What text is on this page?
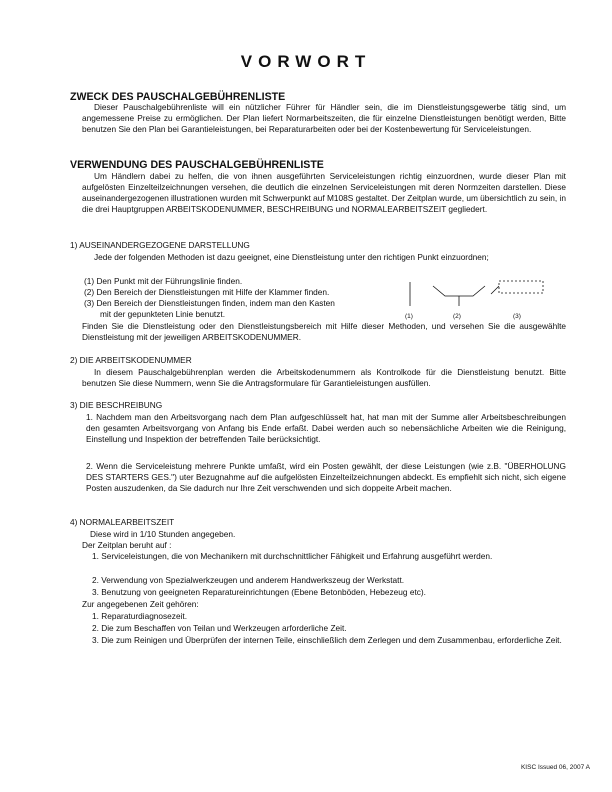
VORWORT
ZWECK DES PAUSCHALGEBÜHRENLISTE
Dieser Pauschalgebührenliste will ein nützlicher Führer für Händler sein, die im Dienstleistungsgewerbe tätig sind, um angemessene Preise zu ermöglichen. Der Plan liefert Normarbeitszeiten, die für einzelne Dienstleistungen benötigt werden, Bitte benutzen Sie den Plan bei Garantieleistungen, bei Reparaturarbeiten oder bei der Kostenbewertung für Serviceleistungen.
VERWENDUNG DES PAUSCHALGEBÜHRENLISTE
Um Händlern dabei zu helfen, die von ihnen ausgeführten Serviceleistungen richtig einzuordnen, wurde dieser Plan mit aufgelösten Einzelteilzeichnungen versehen, die deutlich die einzelnen Serviceleistungen mit deren Normzeiten darstellen. Diese auseinandergezogenen illustrationen wurden mit Schwerpunkt auf M108S gestaltet. Der Zeitplan wurde, um übersichtlich zu sein, in die drei Hauptgruppen ARBEITSKODENUMMER, BESCHREIBUNG und NORMALEARBEITSZEIT gegliedert.
1) AUSEINANDERGEZOGENE DARSTELLUNG
Jede der folgenden Methoden ist dazu geeignet, eine Dienstleistung unter den richtigen Punkt einzuordnen;
(1) Den Punkt mit der Führungslinie finden.
(2) Den Bereich der Dienstleistungen mit Hilfe der Klammer finden.
(3) Den Bereich der Dienstleistungen finden, indem man den Kasten
mit der gepunkteten Linie benutzt.	(1)	(2)	(3)
Finden Sie die Dienstleistung oder den Dienstleistungsbereich mit Hilfe dieser Methoden, und versehen Sie die ausgewählte Dienstleistung mit der jeweiligen ARBEITSKODENUMMER.
2) DIE ARBEITSKODENUMMER
In diesem Pauschalgebührenplan werden die Arbeitskodenummern als Kontrolkode für die Dienstleistung benutzt. Bitte benutzen Sie diese Nummern, wenn Sie die Antragsformulare für Garantieleistungen ausfüllen.
3) DIE BESCHREIBUNG
1. Nachdem man den Arbeitsvorgang nach dem Plan aufgeschlüsselt hat, hat man mit der Summe aller Arbeitsbeschreibungen den gesamten Arbeitsvorgang von Anfang bis Ende erfaßt. Dabei werden auch so nebensächliche Arbeiten wie die Reinigung, Einstellung und Inspektion der betreffenden Taile berücksichtigt.
2. Wenn die Serviceleistung mehrere Punkte umfaßt, wird ein Posten gewählt, der diese Leistungen (wie z.B. "ÜBERHOLUNG DES STARTERS GES.") uter Bezugnahme auf die aufgelösten Einzelteilzeichnungen abdeckt. Es empfiehlt sich nicht, sich eigene Posten auszudenken, da Sie dadurch nur Ihre Zeit verschwenden und sich doppeite Arbeit machen.
4) NORMALEARBEITSZEIT
Diese wird in 1/10 Stunden angegeben.
Der Zeitplan beruht auf :
1. Serviceleistungen, die von Mechanikern mit durchschnittlicher Fähigkeit und Erfahrung ausgeführt werden.
2. Verwendung von Spezialwerkzeugen und anderem Handwerkszeug der Werkstatt.
3. Benutzung von geeigneten Reparatureinrichtungen (Ebene Betonböden, Hebezeug etc).
Zur angegebenen Zeit gehören:
1. Reparaturdiagnosezeit.
2. Die zum Beschaffen von Teilan und Werkzeugen arforderliche Zeit.
3. Die zum Reinigen und Überprüfen der internen Teile, einschließlich dem Zerlegen und dem Zusammenbau, erforderliche Zeit.
KISC Issued 06, 2007 A
